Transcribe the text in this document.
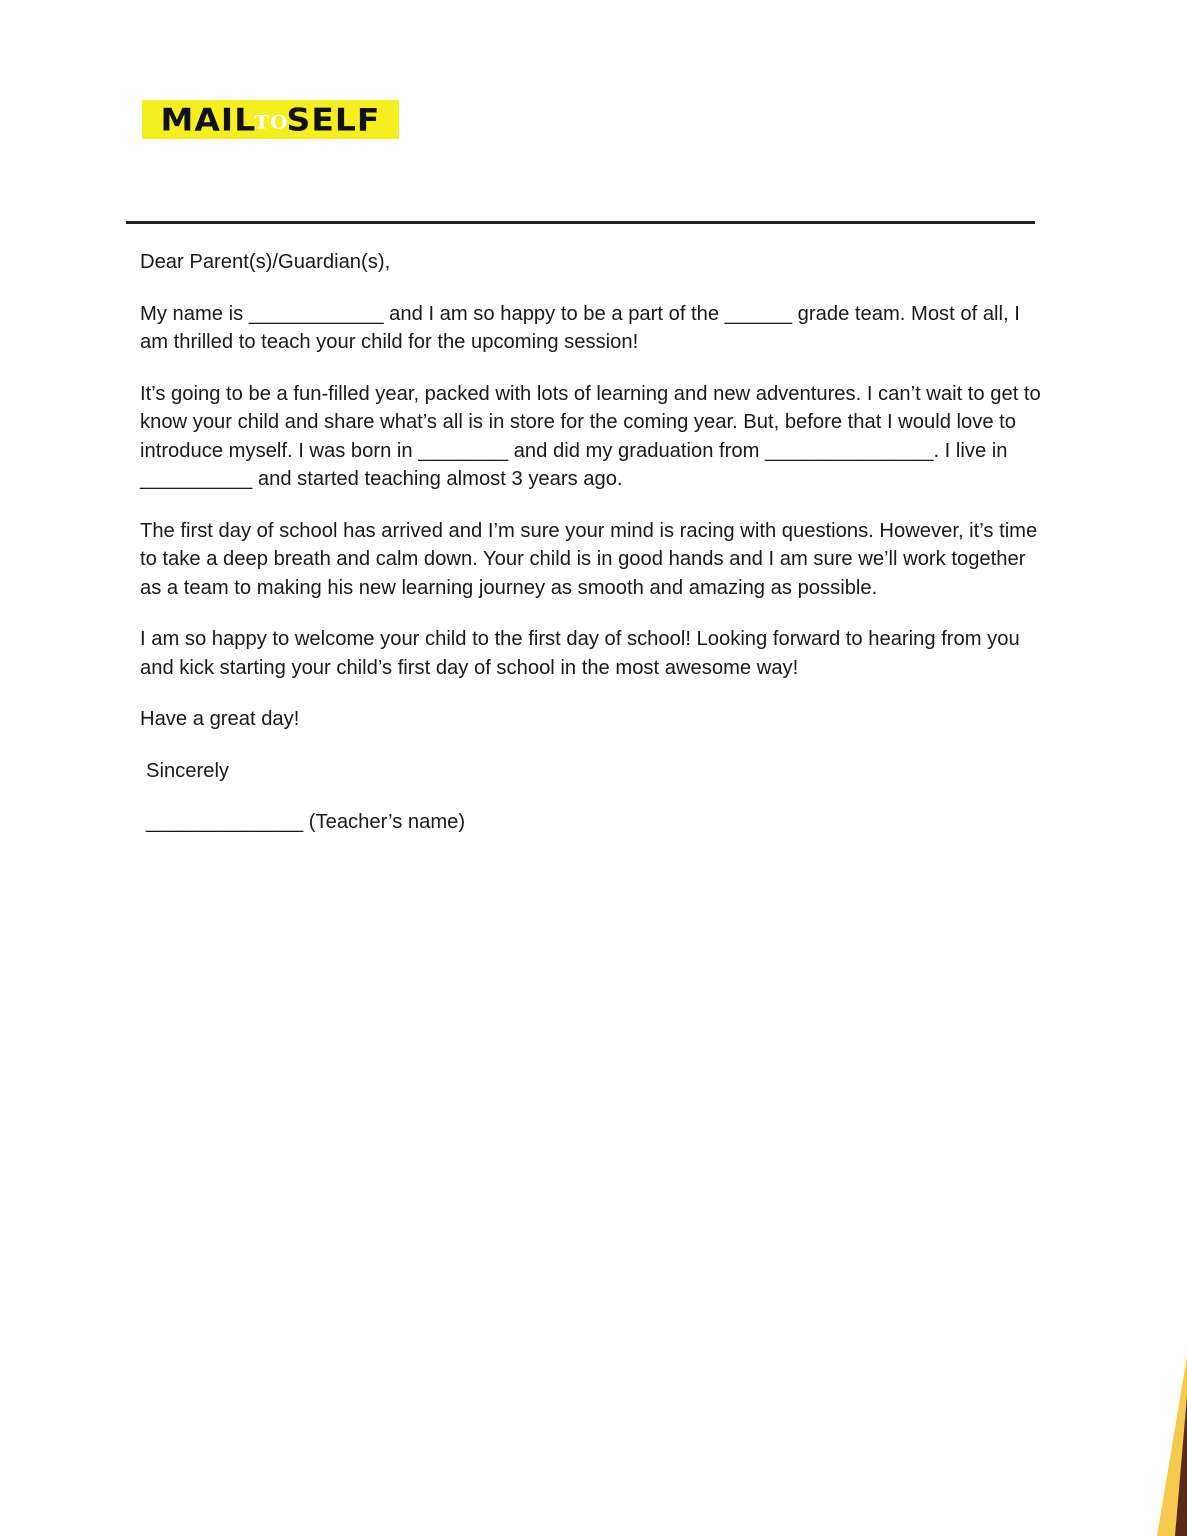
MAILTOSELF

Dear Parent(s)/Guardian(s),

My name is ____________ and I am so happy to be a part of the ______ grade team. Most of all, I am thrilled to teach your child for the upcoming session!

It’s going to be a fun-filled year, packed with lots of learning and new adventures. I can’t wait to get to know your child and share what’s all is in store for the coming year. But, before that I would love to introduce myself. I was born in ________ and did my graduation from _______________. I live in __________ and started teaching almost 3 years ago.

The first day of school has arrived and I’m sure your mind is racing with questions. However, it’s time to take a deep breath and calm down. Your child is in good hands and I am sure we’ll work together as a team to making his new learning journey as smooth and amazing as possible.

I am so happy to welcome your child to the first day of school! Looking forward to hearing from you and kick starting your child’s first day of school in the most awesome way!

Have a great day!

Sincerely

______________ (Teacher’s name)
